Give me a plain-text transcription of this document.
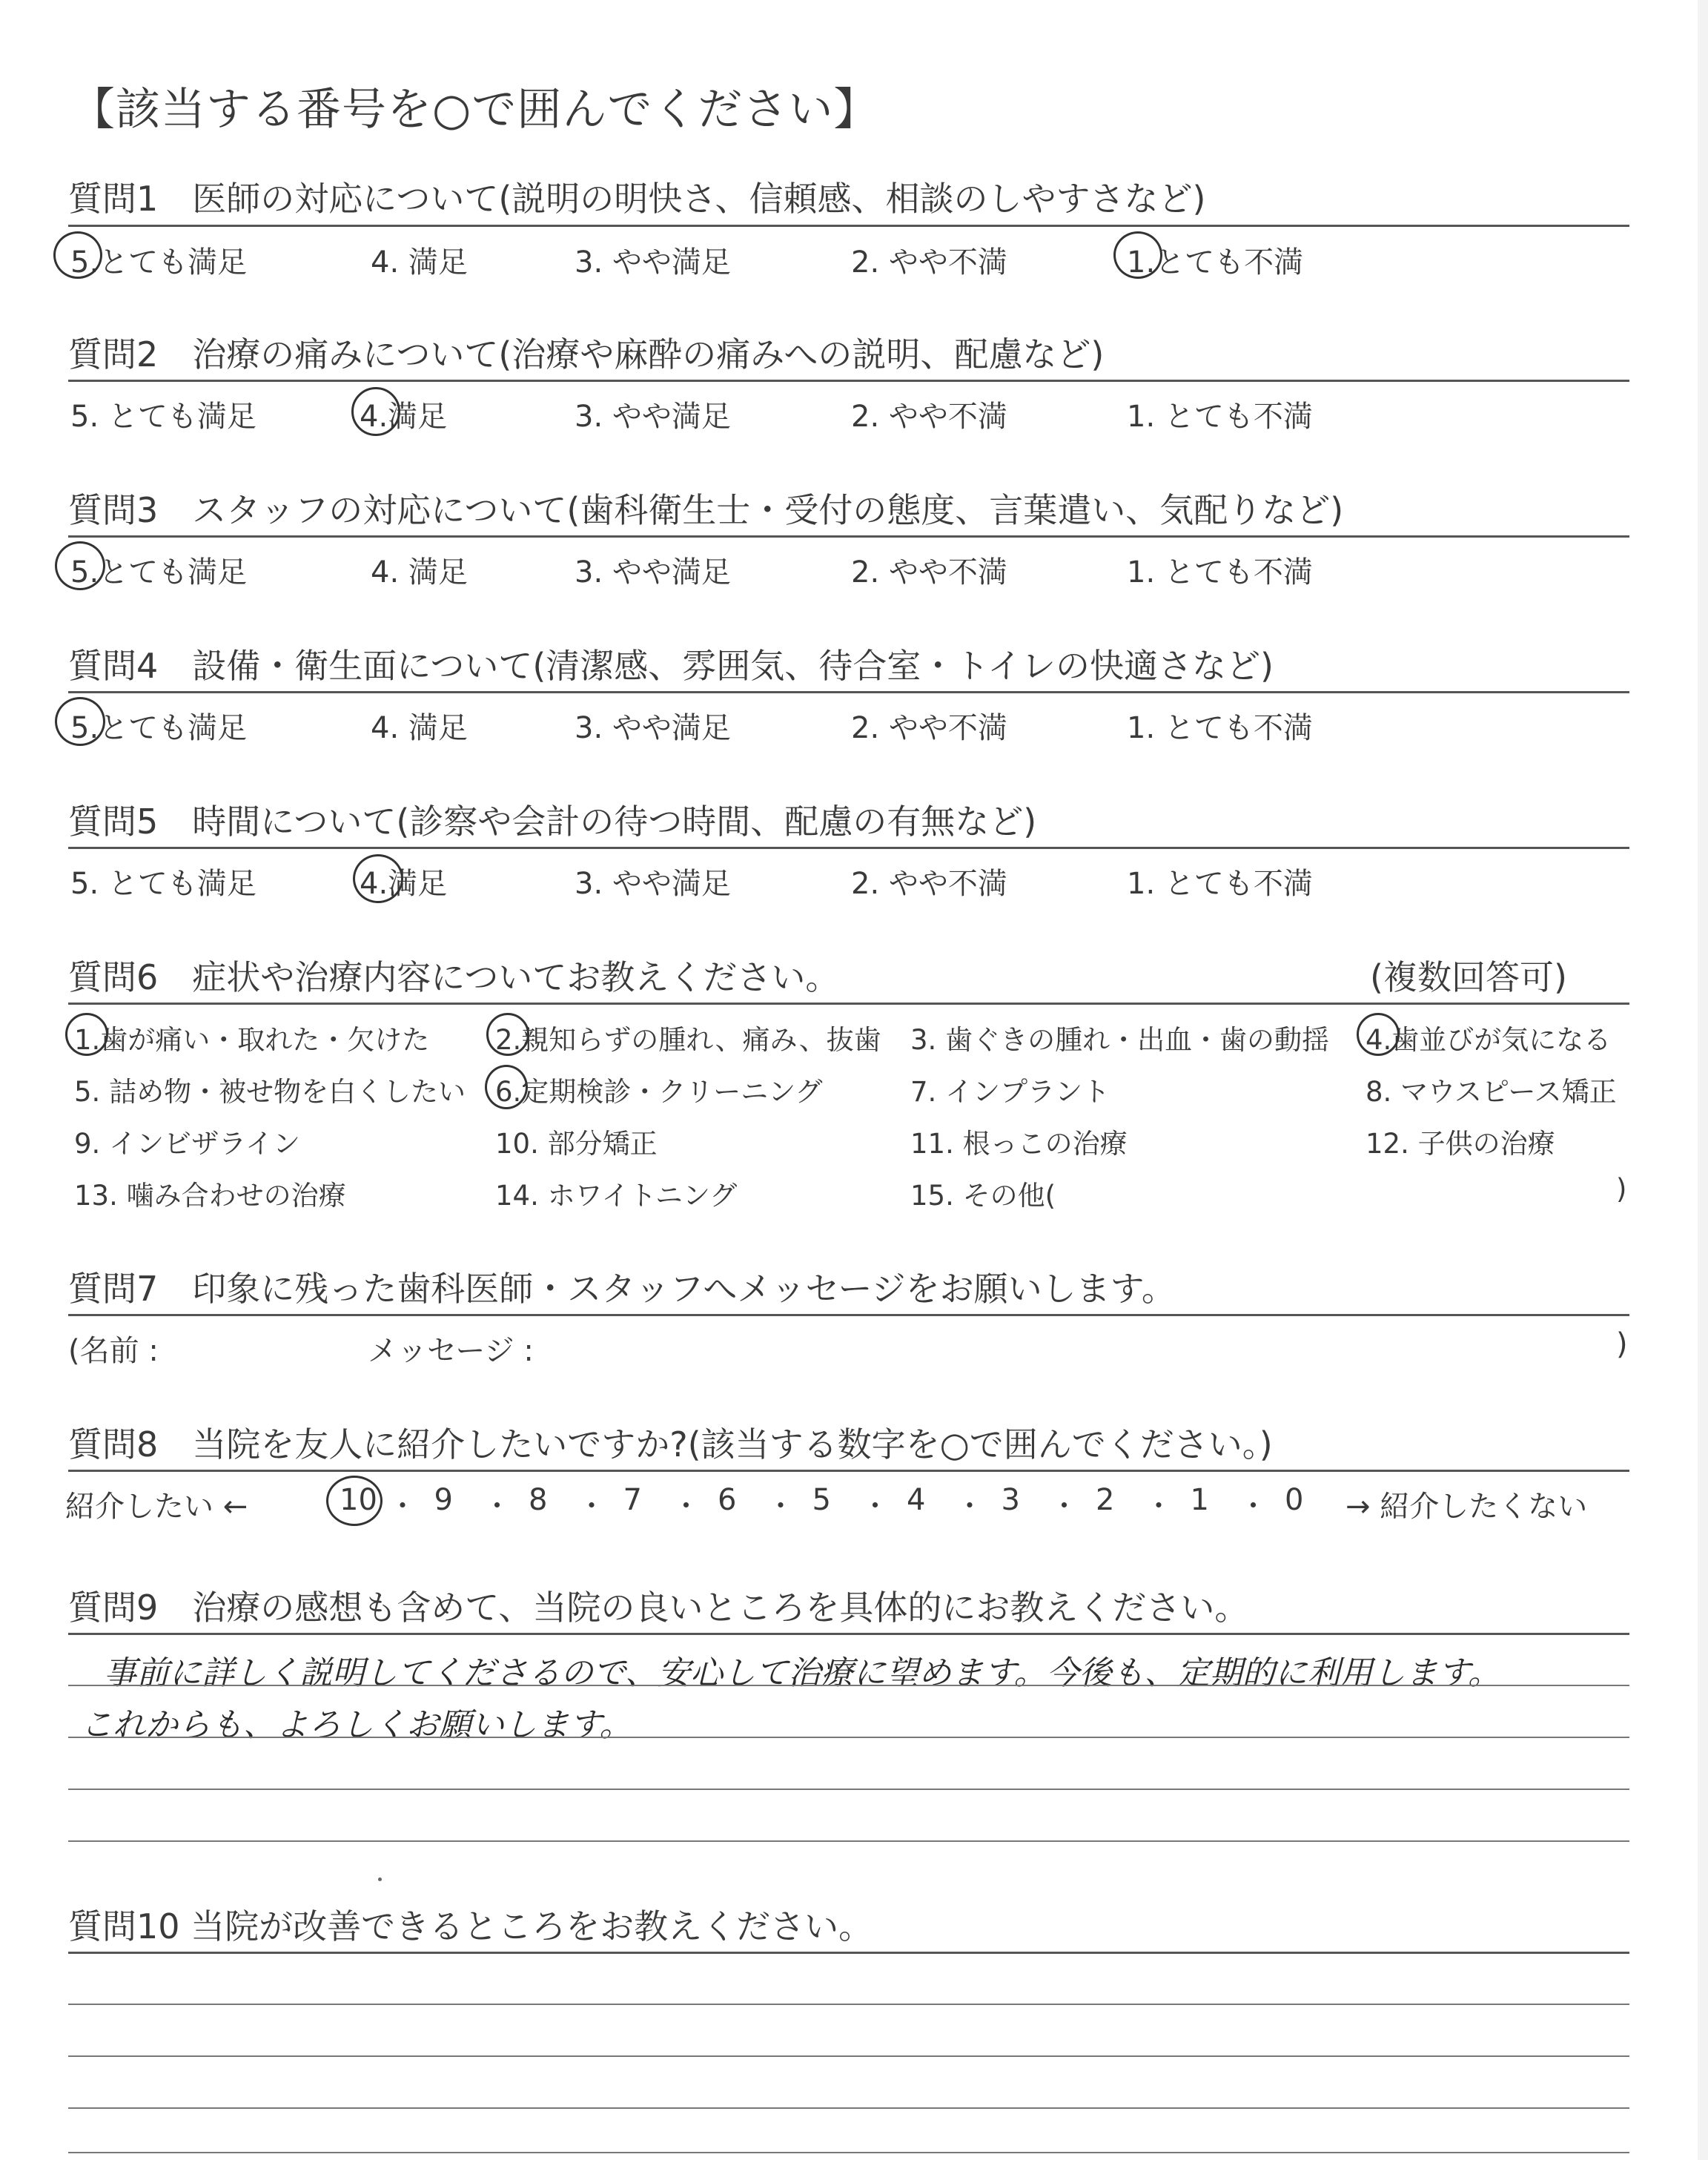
【該当する番号を○で囲んでください】
質問1　医師の対応について(説明の明快さ、信頼感、相談のしやすさなど)
5.とても満足	4. 満足	3. やや満足	2. やや不満	1.とても不満
質問2　治療の痛みについて(治療や麻酔の痛みへの説明、配慮など)
5. とても満足	4.満足	3. やや満足	2. やや不満	1. とても不満
質問3　スタッフの対応について(歯科衛生士・受付の態度、言葉遣い、気配りなど)
5.とても満足	4. 満足	3. やや満足	2. やや不満	1. とても不満
質問4　設備・衛生面について(清潔感、雰囲気、待合室・トイレの快適さなど)
5.とても満足	4. 満足	3. やや満足	2. やや不満	1. とても不満
質問5　時間について(診察や会計の待つ時間、配慮の有無など)
5. とても満足	4.満足	3. やや満足	2. やや不満	1. とても不満
質問6　症状や治療内容についてお教えください。	(複数回答可)
1.歯が痛い・取れた・欠けた 2.親知らずの腫れ、痛み、抜歯 3. 歯ぐきの腫れ・出血・歯の動揺 4.歯並びが気になる
5. 詰め物・被せ物を白くしたい 6.定期検診・クリーニング	7. インプラント	8. マウスピース矯正
9. インビザライン	10. 部分矯正	11. 根っこの治療	12. 子供の治療
13. 噛み合わせの治療	14. ホワイトニング	15. その他(	)
質問7　印象に残った歯科医師・スタッフへメッセージをお願いします。
(名前 :	メッセージ :	)
質問8　当院を友人に紹介したいですか?(該当する数字を○で囲んでください。)
紹介したい ←	10 ・ 9 ・ 8 ・ 7 ・ 6 ・ 5 ・ 4 ・ 3 ・ 2 ・ 1 ・ 0 → 紹介したくない
質問9　治療の感想も含めて、当院の良いところを具体的にお教えください。
事前に詳しく説明してくださるので、安心して治療に望めます。今後も、定期的に利用します。
これからも、よろしくお願いします。
質問10 当院が改善できるところをお教えください。
